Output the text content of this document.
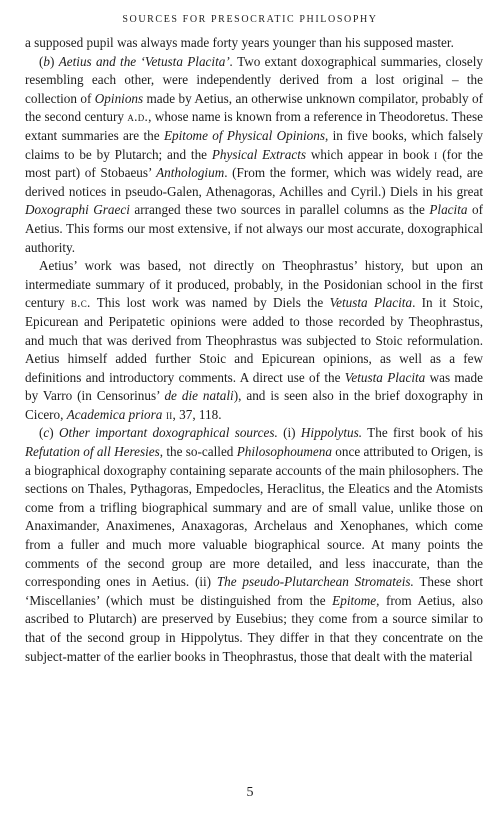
SOURCES FOR PRESOCRATIC PHILOSOPHY

a supposed pupil was always made forty years younger than his supposed master.

(b) Aetius and the ‘Vetusta Placita’. Two extant doxographical summaries, closely resembling each other, were independently derived from a lost original – the collection of Opinions made by Aetius, an otherwise unknown compilator, probably of the second century a.d., whose name is known from a reference in Theodoretus. These extant summaries are the Epitome of Physical Opinions, in five books, which falsely claims to be by Plutarch; and the Physical Extracts which appear in book i (for the most part) of Stobaeus’ Anthologium. (From the former, which was widely read, are derived notices in pseudo-Galen, Athenagoras, Achilles and Cyril.) Diels in his great Doxographi Graeci arranged these two sources in parallel columns as the Placita of Aetius. This forms our most extensive, if not always our most accurate, doxographical authority.

Aetius’ work was based, not directly on Theophrastus’ history, but upon an intermediate summary of it produced, probably, in the Posidonian school in the first century b.c. This lost work was named by Diels the Vetusta Placita. In it Stoic, Epicurean and Peripatetic opinions were added to those recorded by Theophrastus, and much that was derived from Theophrastus was subjected to Stoic reformulation. Aetius himself added further Stoic and Epicurean opinions, as well as a few definitions and introductory comments. A direct use of the Vetusta Placita was made by Varro (in Censorinus’ de die natali), and is seen also in the brief doxography in Cicero, Academica priora ii, 37, 118.

(c) Other important doxographical sources. (i) Hippolytus. The first book of his Refutation of all Heresies, the so-called Philosophoumena once attributed to Origen, is a biographical doxography containing separate accounts of the main philosophers. The sections on Thales, Pythagoras, Empedocles, Heraclitus, the Eleatics and the Atomists come from a trifling biographical summary and are of small value, unlike those on Anaximander, Anaximenes, Anaxagoras, Archelaus and Xenophanes, which come from a fuller and much more valuable biographical source. At many points the comments of the second group are more detailed, and less inaccurate, than the corresponding ones in Aetius. (ii) The pseudo-Plutarchean Stromateis. These short ‘Miscellanies’ (which must be distinguished from the Epitome, from Aetius, also ascribed to Plutarch) are preserved by Eusebius; they come from a source similar to that of the second group in Hippolytus. They differ in that they concentrate on the subject-matter of the earlier books in Theophrastus, those that dealt with the material

5
